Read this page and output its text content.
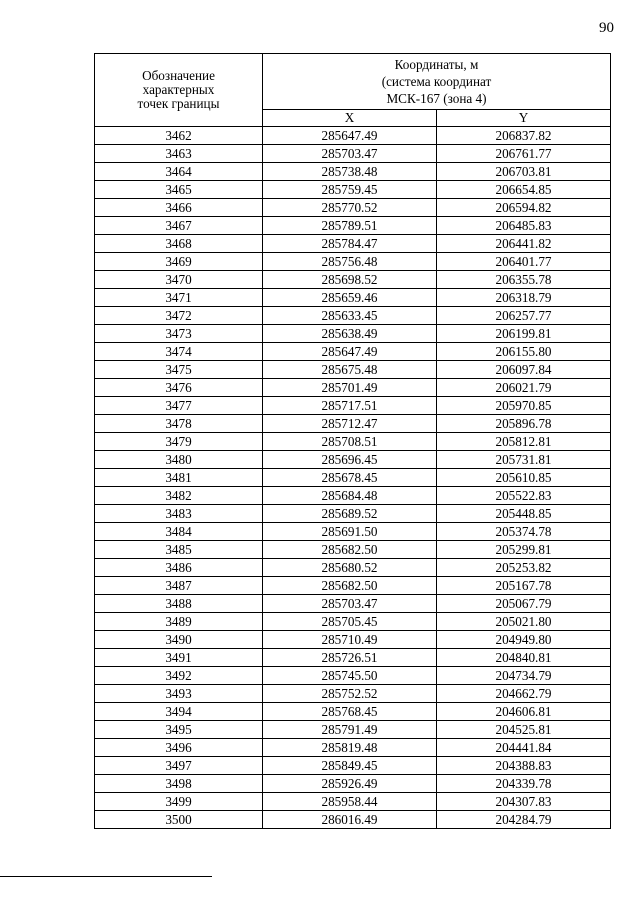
90
Обозначение
характерных
точек границы	Координаты, м
(система координат
МСК-167 (зона 4)	

	X	Y
3462	285647.49	206837.82
3463	285703.47	206761.77
3464	285738.48	206703.81
3465	285759.45	206654.85
3466	285770.52	206594.82
3467	285789.51	206485.83
3468	285784.47	206441.82
3469	285756.48	206401.77
3470	285698.52	206355.78
3471	285659.46	206318.79
3472	285633.45	206257.77
3473	285638.49	206199.81
3474	285647.49	206155.80
3475	285675.48	206097.84
3476	285701.49	206021.79
3477	285717.51	205970.85
3478	285712.47	205896.78
3479	285708.51	205812.81
3480	285696.45	205731.81
3481	285678.45	205610.85
3482	285684.48	205522.83
3483	285689.52	205448.85
3484	285691.50	205374.78
3485	285682.50	205299.81
3486	285680.52	205253.82
3487	285682.50	205167.78
3488	285703.47	205067.79
3489	285705.45	205021.80
3490	285710.49	204949.80
3491	285726.51	204840.81
3492	285745.50	204734.79
3493	285752.52	204662.79
3494	285768.45	204606.81
3495	285791.49	204525.81
3496	285819.48	204441.84
3497	285849.45	204388.83
3498	285926.49	204339.78
3499	285958.44	204307.83
3500	286016.49	204284.79
